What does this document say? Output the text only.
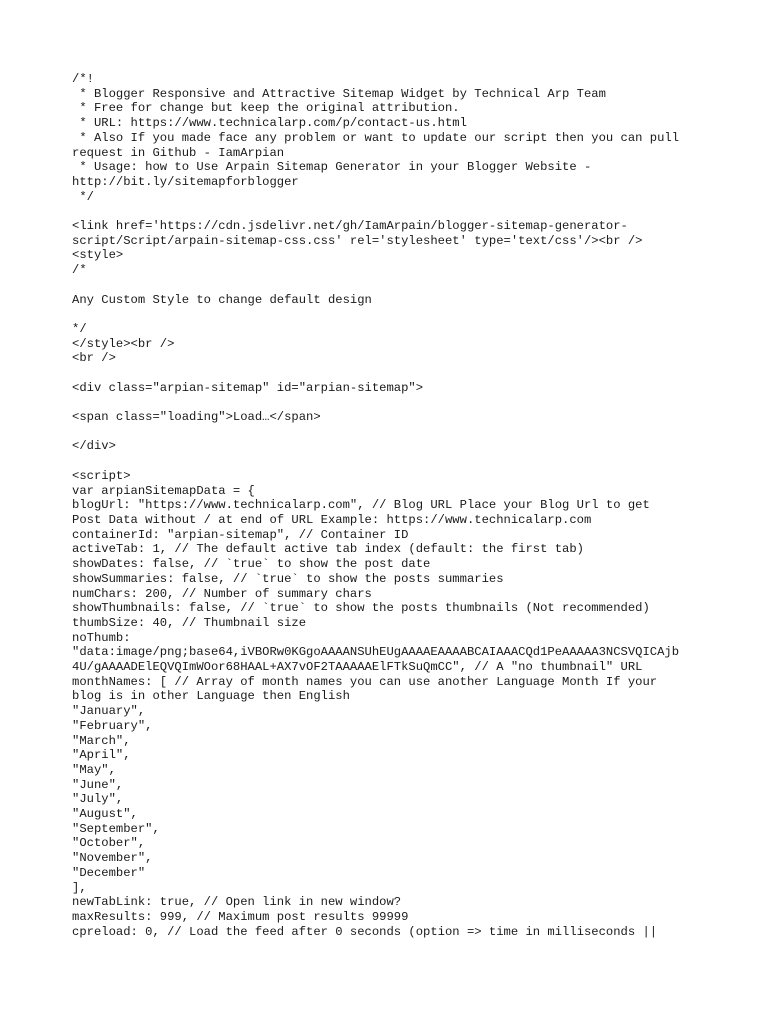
/*!
* Blogger Responsive and Attractive Sitemap Widget by Technical Arp Team
* Free for change but keep the original attribution.
* URL: https://www.technicalarp.com/p/contact-us.html
* Also If you made face any problem or want to update our script then you can pull
request in Github - IamArpian
* Usage: how to Use Arpain Sitemap Generator in your Blogger Website -
http://bit.ly/sitemapforblogger
*/
<link href='https://cdn.jsdelivr.net/gh/IamArpain/blogger-sitemap-generator-
script/Script/arpain-sitemap-css.css' rel='stylesheet' type='text/css'/><br />
<style>
/*
Any Custom Style to change default design
*/
</style><br />
<br />
<div class="arpian-sitemap" id="arpian-sitemap">
<span class="loading">Load…</span>
</div>
<script>
var arpianSitemapData = {
blogUrl: "https://www.technicalarp.com", // Blog URL Place your Blog Url to get
Post Data without / at end of URL Example: https://www.technicalarp.com
containerId: "arpian-sitemap", // Container ID
activeTab: 1, // The default active tab index (default: the first tab)
showDates: false, // `true` to show the post date
showSummaries: false, // `true` to show the posts summaries
numChars: 200, // Number of summary chars
showThumbnails: false, // `true` to show the posts thumbnails (Not recommended)
thumbSize: 40, // Thumbnail size
noThumb:
"data:image/png;base64,iVBORw0KGgoAAAANSUhEUgAAAAEAAAABCAIAAACQd1PeAAAAA3NCSVQICAjb
4U/gAAAADElEQVQImWOor68HAAL+AX7vOF2TAAAAAElFTkSuQmCC", // A "no thumbnail" URL
monthNames: [ // Array of month names you can use another Language Month If your
blog is in other Language then English
"January",
"February",
"March",
"April",
"May",
"June",
"July",
"August",
"September",
"October",
"November",
"December"
],
newTabLink: true, // Open link in new window?
maxResults: 999, // Maximum post results 99999
cpreload: 0, // Load the feed after 0 seconds (option => time in milliseconds ||
